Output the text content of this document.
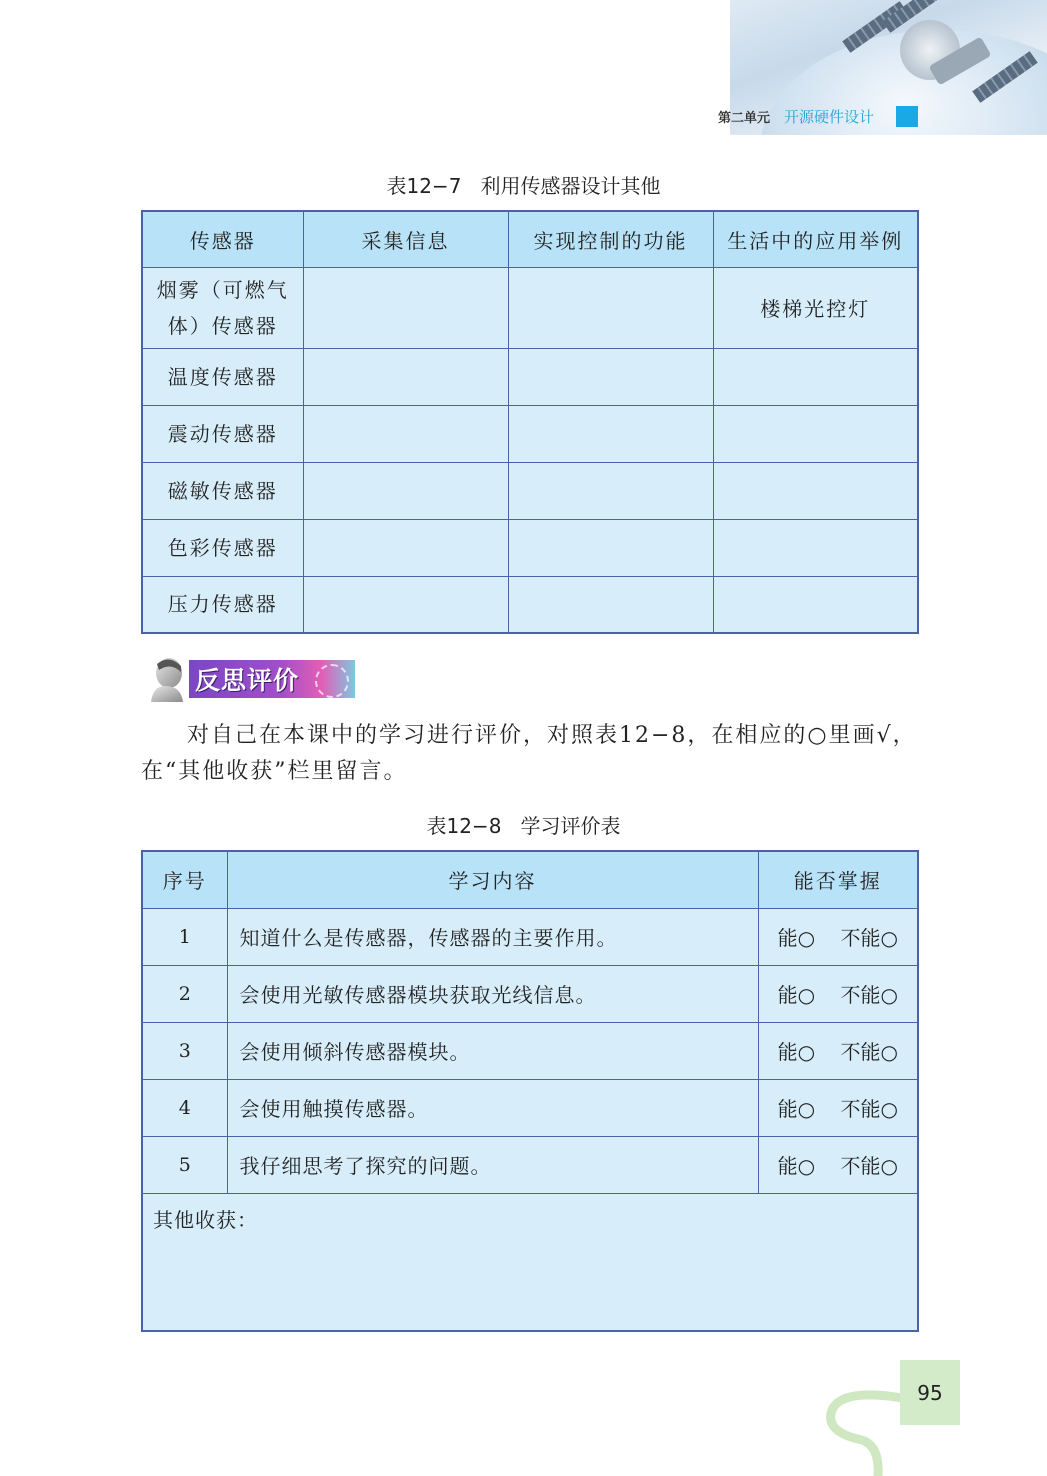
第二单元 开源硬件设计
表12−7 利用传感器设计其他
传感器	采集信息	实现控制的功能	生活中的应用举例

烟雾（可燃气
体）传感器			楼梯光控灯
温度传感器			
震动传感器			
磁敏传感器			
色彩传感器			
压力传感器			
反思评价
对自己在本课中的学习进行评价，对照表12−8，在相应的○里画√，
在“其他收获”栏里留言。
表12−8 学习评价表
序号	学习内容	能否掌握
1	知道什么是传感器，传感器的主要作用。	能○ 不能○
2	会使用光敏传感器模块获取光线信息。	能○ 不能○
3	会使用倾斜传感器模块。	能○ 不能○
4	会使用触摸传感器。	能○ 不能○
5	我仔细思考了探究的问题。	能○ 不能○
其他收获：		
95
